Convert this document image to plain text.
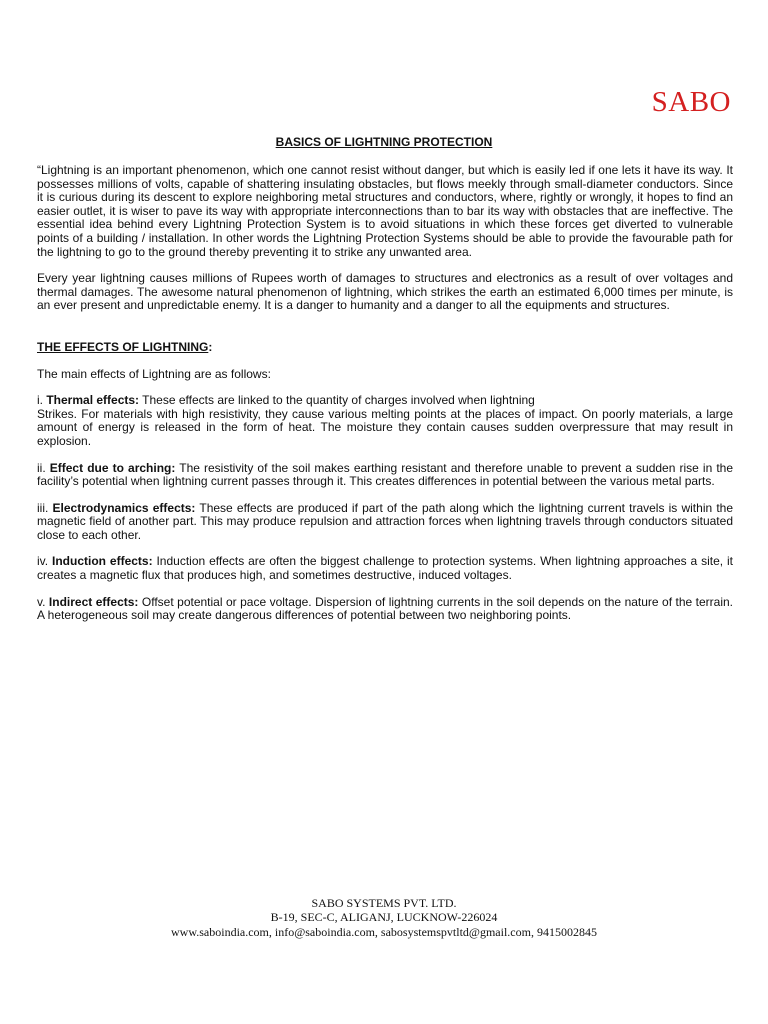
SABO
BASICS OF LIGHTNING PROTECTION

“Lightning is an important phenomenon, which one cannot resist without danger, but which is easily led if one lets it have its way. It possesses millions of volts, capable of shattering insulating obstacles, but flows meekly through small-diameter conductors. Since it is curious during its descent to explore neighboring metal structures and conductors, where, rightly or wrongly, it hopes to find an easier outlet, it is wiser to pave its way with appropriate interconnections than to bar its way with obstacles that are ineffective. The essential idea behind every Lightning Protection System is to avoid situations in which these forces get diverted to vulnerable points of a building / installation. In other words the Lightning Protection Systems should be able to provide the favourable path for the lightning to go to the ground thereby preventing it to strike any unwanted area.

Every year lightning causes millions of Rupees worth of damages to structures and electronics as a result of over voltages and thermal damages. The awesome natural phenomenon of lightning, which strikes the earth an estimated 6,000 times per minute, is an ever present and unpredictable enemy. It is a danger to humanity and a danger to all the equipments and structures.

THE EFFECTS OF LIGHTNING:

The main effects of Lightning are as follows:

i. Thermal effects: These effects are linked to the quantity of charges involved when lightning

Strikes. For materials with high resistivity, they cause various melting points at the places of impact. On poorly materials, a large amount of energy is released in the form of heat. The moisture they contain causes sudden overpressure that may result in explosion.

ii. Effect due to arching: The resistivity of the soil makes earthing resistant and therefore unable to prevent a sudden rise in the facility’s potential when lightning current passes through it. This creates differences in potential between the various metal parts.

iii. Electrodynamics effects: These effects are produced if part of the path along which the lightning current travels is within the magnetic field of another part. This may produce repulsion and attraction forces when lightning travels through conductors situated close to each other.

iv. Induction effects: Induction effects are often the biggest challenge to protection systems. When lightning approaches a site, it creates a magnetic flux that produces high, and sometimes destructive, induced voltages.

v. Indirect effects: Offset potential or pace voltage. Dispersion of lightning currents in the soil depends on the nature of the terrain. A heterogeneous soil may create dangerous differences of potential between two neighboring points.

SABO SYSTEMS PVT. LTD.
B-19, SEC-C, ALIGANJ, LUCKNOW-226024
www.saboindia.com, info@saboindia.com, sabosystemspvtltd@gmail.com, 9415002845
